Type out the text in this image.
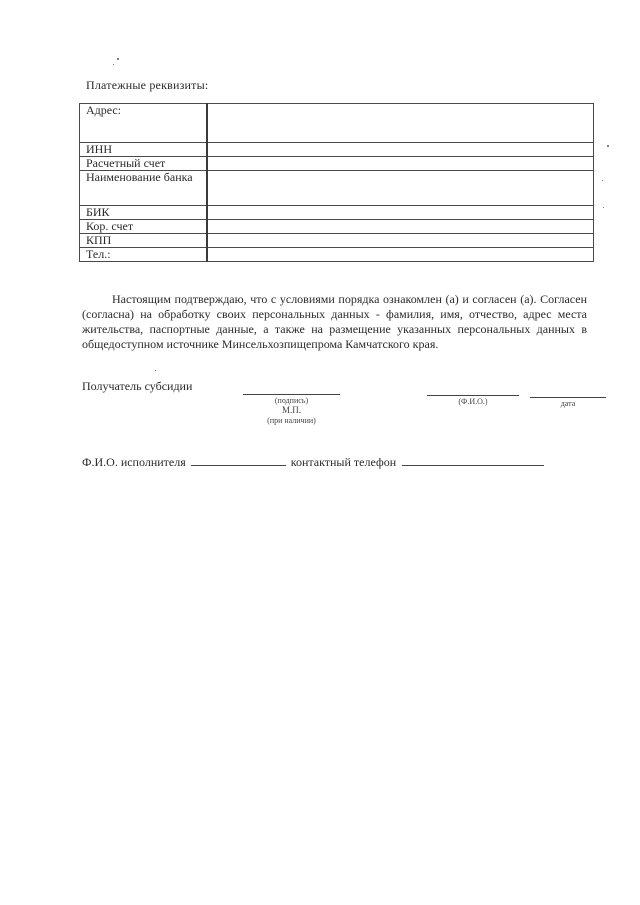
Платежные реквизиты:
Адрес:	
ИНН	
Расчетный счет	
Наименование банка	
БИК	
Кор. счет	
КПП	
Тел.:	

Настоящим подтверждаю, что с условиями порядка ознакомлен (а) и согласен (а). Согласен (согласна) на обработку своих персональных данных - фамилия, имя, отчество, адрес места жительства, паспортные данные, а также на размещение указанных персональных данных в общедоступном источнике Минсельхозпищепрома Камчатского края.

Получатель субсидии
(подпись)
М.П.
(при наличии)
(Ф.И.О.)	дата
Ф.И.О. исполнителя	контактный телефон
